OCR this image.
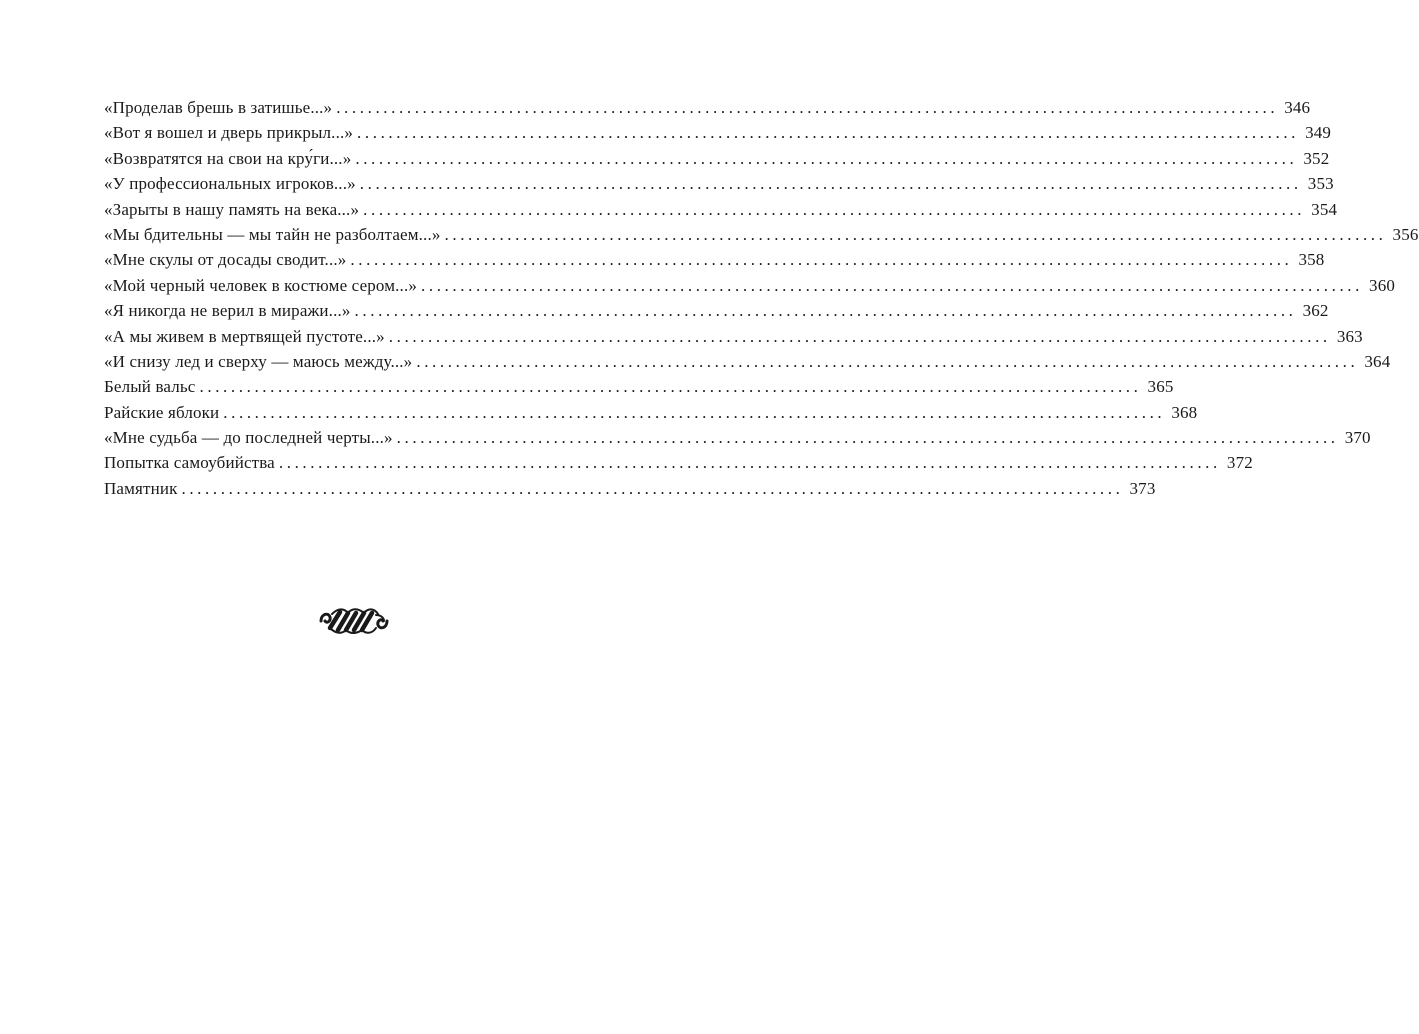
«Проделав брешь в затишье...» ........................................................................................................................ 346
«Вот я вошел и дверь прикрыл...» ........................................................................................................................ 349
«Возвратятся на свои на кру́ги...» ........................................................................................................................ 352
«У профессиональных игроков...» ........................................................................................................................ 353
«Зарыты в нашу память на века...» ........................................................................................................................ 354
«Мы бдительны — мы тайн не разболтаем...» ........................................................................................................................ 356
«Мне скулы от досады сводит...» ........................................................................................................................ 358
«Мой черный человек в костюме сером...» ........................................................................................................................ 360
«Я никогда не верил в миражи...» ........................................................................................................................ 362
«А мы живем в мертвящей пустоте...» ........................................................................................................................ 363
«И снизу лед и сверху — маюсь между...» ........................................................................................................................ 364
Белый вальс ........................................................................................................................ 365
Райские яблоки ........................................................................................................................ 368
«Мне судьба — до последней черты...» ........................................................................................................................ 370
Попытка самоубийства ........................................................................................................................ 372
Памятник ........................................................................................................................ 373
